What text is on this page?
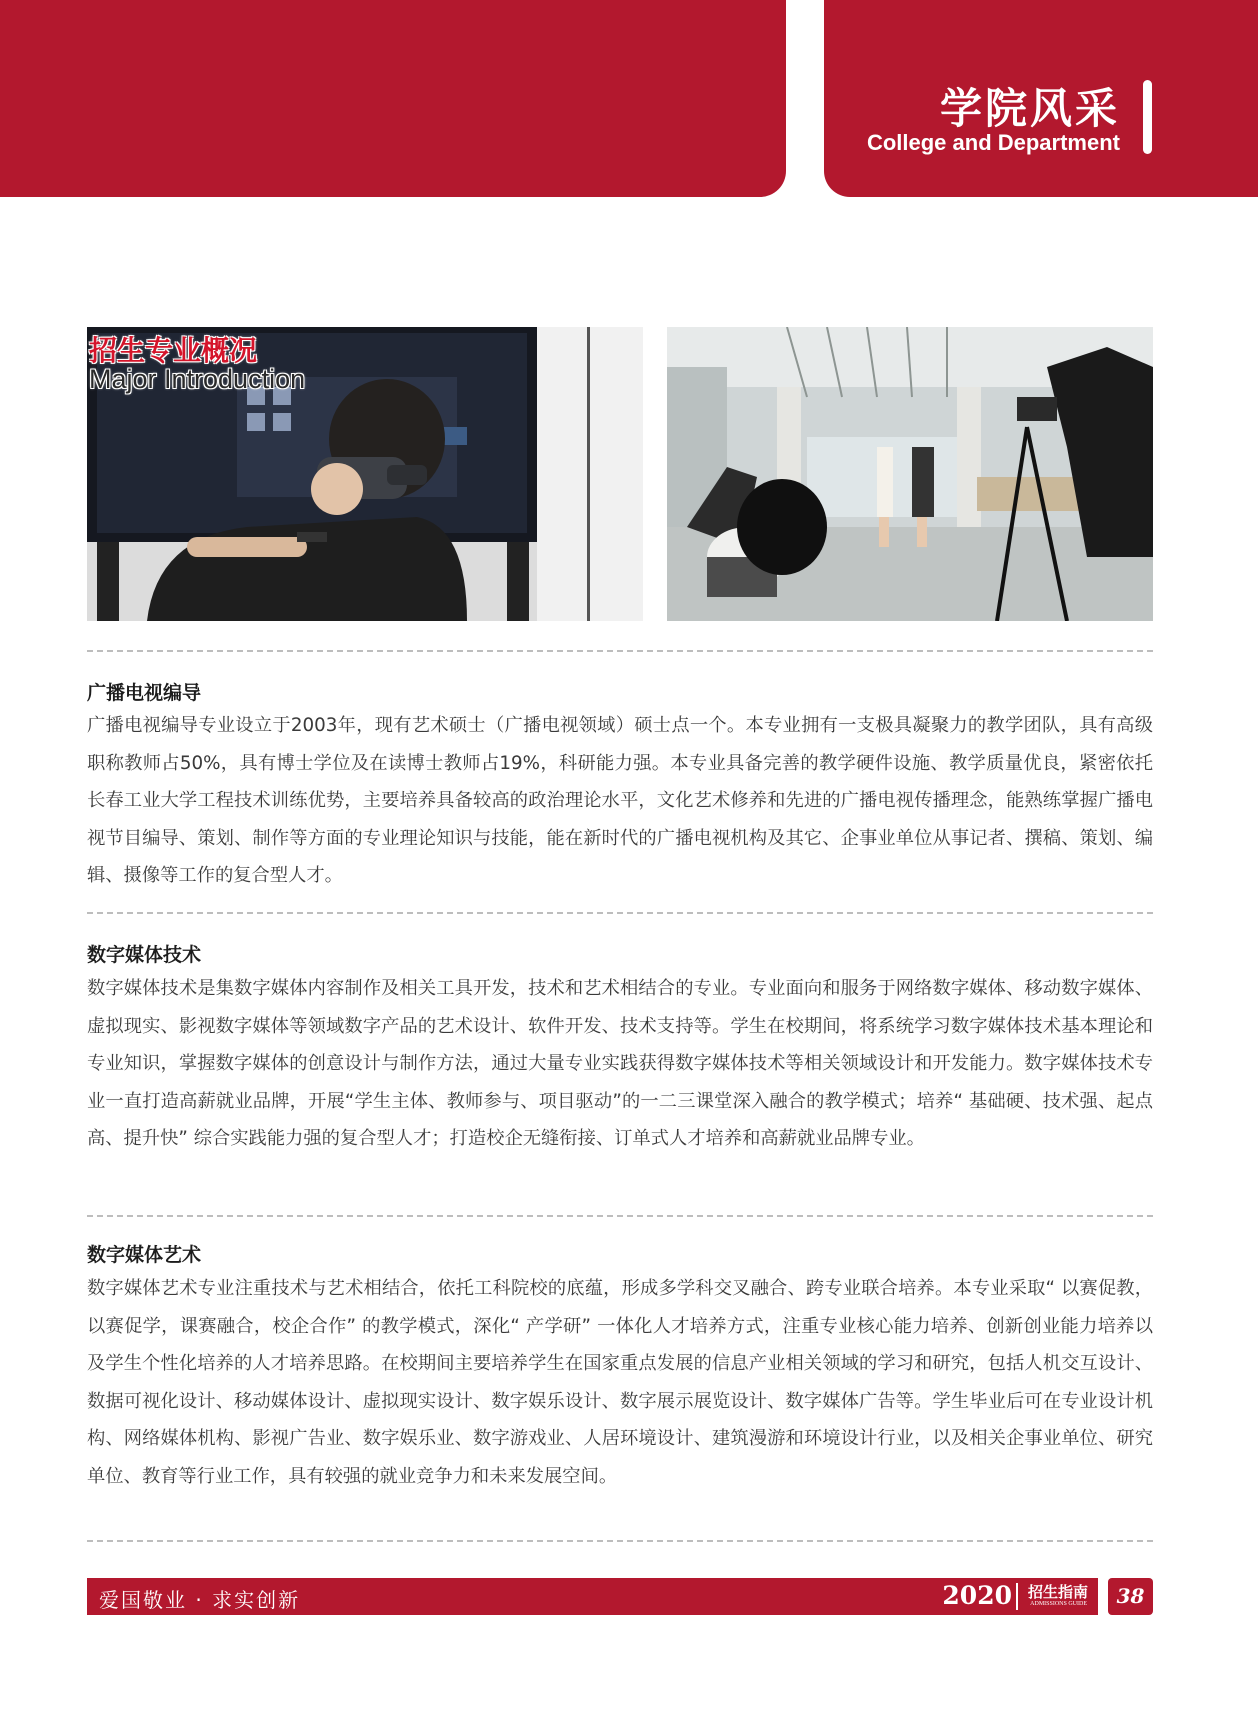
学院风采
College and Department
招生专业概况
Major Introduction
广播电视编导
广播电视编导专业设立于2003年，现有艺术硕士（广播电视领域）硕士点一个。本专业拥有一支极具凝聚力的教学团队，具有高级职称教师占50%，具有博士学位及在读博士教师占19%，科研能力强。本专业具备完善的教学硬件设施、教学质量优良，紧密依托长春工业大学工程技术训练优势，主要培养具备较高的政治理论水平，文化艺术修养和先进的广播电视传播理念，能熟练掌握广播电视节目编导、策划、制作等方面的专业理论知识与技能，能在新时代的广播电视机构及其它、企事业单位从事记者、撰稿、策划、编辑、摄像等工作的复合型人才。
数字媒体技术
数字媒体技术是集数字媒体内容制作及相关工具开发，技术和艺术相结合的专业。专业面向和服务于网络数字媒体、移动数字媒体、虚拟现实、影视数字媒体等领域数字产品的艺术设计、软件开发、技术支持等。学生在校期间，将系统学习数字媒体技术基本理论和专业知识，掌握数字媒体的创意设计与制作方法，通过大量专业实践获得数字媒体技术等相关领域设计和开发能力。数字媒体技术专业一直打造高薪就业品牌，开展“学生主体、教师参与、项目驱动”的一二三课堂深入融合的教学模式；培养“ 基础硬、技术强、起点高、提升快” 综合实践能力强的复合型人才；打造校企无缝衔接、订单式人才培养和高薪就业品牌专业。
数字媒体艺术
数字媒体艺术专业注重技术与艺术相结合，依托工科院校的底蕴，形成多学科交叉融合、跨专业联合培养。本专业采取“ 以赛促教，以赛促学，课赛融合，校企合作” 的教学模式，深化“ 产学研” 一体化人才培养方式，注重专业核心能力培养、创新创业能力培养以及学生个性化培养的人才培养思路。在校期间主要培养学生在国家重点发展的信息产业相关领域的学习和研究，包括人机交互设计、数据可视化设计、移动媒体设计、虚拟现实设计、数字娱乐设计、数字展示展览设计、数字媒体广告等。学生毕业后可在专业设计机构、网络媒体机构、影视广告业、数字娱乐业、数字游戏业、人居环境设计、建筑漫游和环境设计行业，以及相关企事业单位、研究单位、教育等行业工作，具有较强的就业竞争力和未来发展空间。
爱国敬业 · 求实创新	2020 招生指南
ADMISSIONS GUIDE	38
